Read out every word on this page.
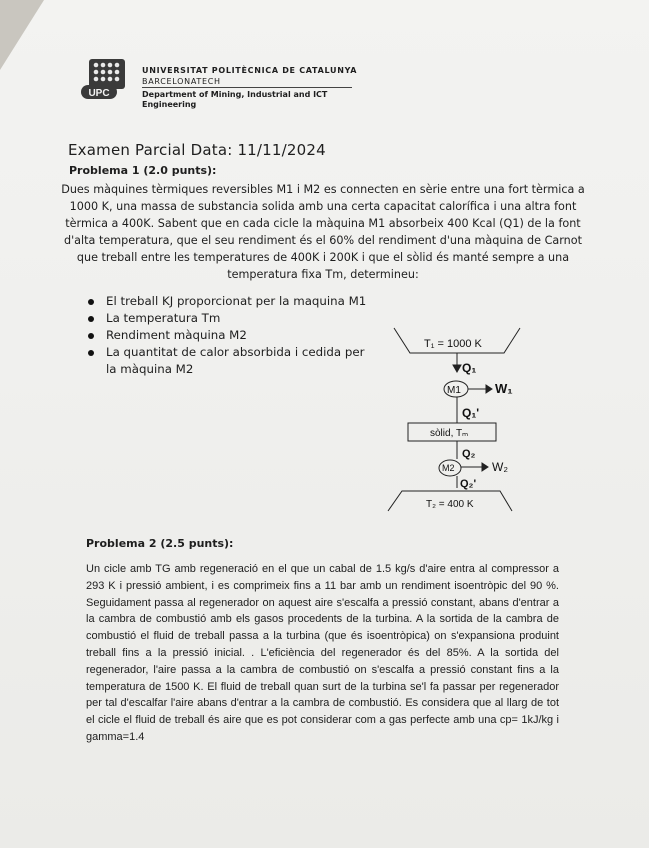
UPC
UNIVERSITAT POLITÈCNICA DE CATALUNYA
BARCELONATECH
Department of Mining, Industrial and ICT
Engineering
Examen Parcial Data: 11/11/2024
Problema 1 (2.0 punts):
Dues màquines tèrmiques reversibles M1 i M2 es connecten en sèrie entre una fort tèrmica a 1000 K, una massa de substancia solida amb una certa capacitat calorífica i una altra font tèrmica a 400K. Sabent que en cada cicle la màquina M1 absorbeix 400 Kcal (Q1) de la font d'alta temperatura, que el seu rendiment és el 60% del rendiment d'una màquina de Carnot que treball entre les temperatures de 400K i 200K i que el sòlid és manté sempre a una temperatura fixa Tm, determineu:
El treball KJ proporcionat per la maquina M1
La temperatura Tm
Rendiment màquina M2
La quantitat de calor absorbida i cedida per la màquina M2
T₁ = 1000 K
Q₁
M1	W₁
Q₁'
sòlid, Tₘ
Q₂
M2	W₂
Q₂'
T₂ = 400 K
Problema 2 (2.5 punts):
Un cicle amb TG amb regeneració en el que un cabal de 1.5 kg/s d'aire entra al compressor a 293 K i pressió ambient, i es comprimeix fins a 11 bar amb un rendiment isoentròpic del 90 %. Seguidament passa al regenerador on aquest aire s'escalfa a pressió constant, abans d'entrar a la cambra de combustió amb els gasos procedents de la turbina. A la sortida de la cambra de combustió el fluid de treball passa a la turbina (que és isoentròpica) on s'expansiona produint treball fins a la pressió inicial. . L'eficiència del regenerador és del 85%. A la sortida del regenerador, l'aire passa a la cambra de combustió on s'escalfa a pressió constant fins a la temperatura de 1500 K. El fluid de treball quan surt de la turbina se'l fa passar per regenerador per tal d'escalfar l'aire abans d'entrar a la cambra de combustió. Es considera que al llarg de tot el cicle el fluid de treball és aire que es pot considerar com a gas perfecte amb una cp= 1kJ/kg i gamma=1.4
